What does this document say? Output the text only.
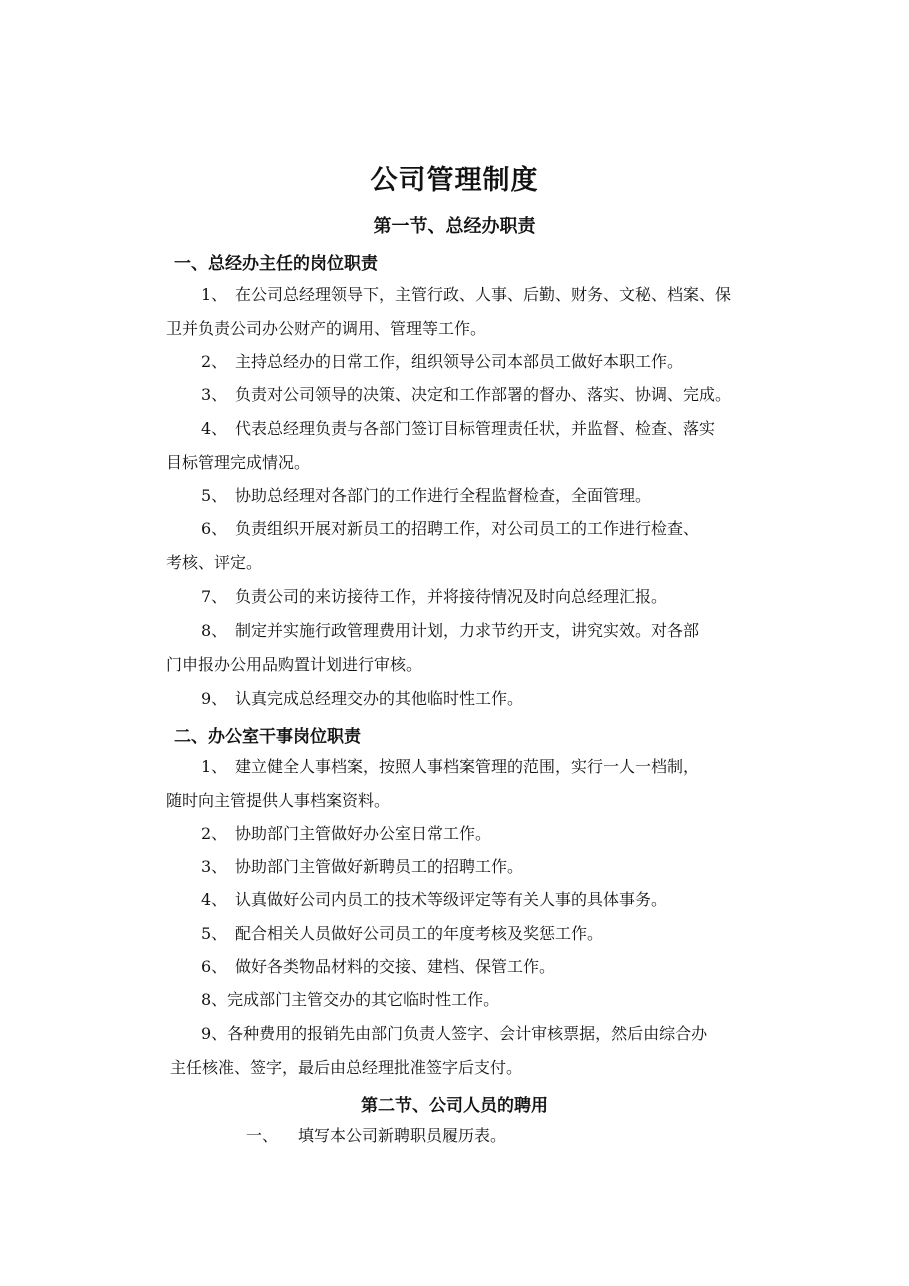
公司管理制度
第一节、总经办职责
一、总经办主任的岗位职责
1、 在公司总经理领导下，主管行政、人事、后勤、财务、文秘、档案、保
卫并负责公司办公财产的调用、管理等工作。
2、 主持总经办的日常工作，组织领导公司本部员工做好本职工作。
3、 负责对公司领导的决策、决定和工作部署的督办、落实、协调、完成。
4、 代表总经理负责与各部门签订目标管理责任状，并监督、检查、落实
目标管理完成情况。
5、 协助总经理对各部门的工作进行全程监督检查，全面管理。
6、 负责组织开展对新员工的招聘工作，对公司员工的工作进行检查、
考核、评定。
7、 负责公司的来访接待工作，并将接待情况及时向总经理汇报。
8、 制定并实施行政管理费用计划，力求节约开支，讲究实效。对各部
门申报办公用品购置计划进行审核。
9、 认真完成总经理交办的其他临时性工作。
二、办公室干事岗位职责
1、 建立健全人事档案，按照人事档案管理的范围，实行一人一档制，
随时向主管提供人事档案资料。
2、 协助部门主管做好办公室日常工作。
3、 协助部门主管做好新聘员工的招聘工作。
4、 认真做好公司内员工的技术等级评定等有关人事的具体事务。
5、 配合相关人员做好公司员工的年度考核及奖惩工作。
6、 做好各类物品材料的交接、建档、保管工作。
8、完成部门主管交办的其它临时性工作。
9、各种费用的报销先由部门负责人签字、会计审核票据，然后由综合办
主任核准、签字，最后由总经理批准签字后支付。
第二节、公司人员的聘用
一、 填写本公司新聘职员履历表。
